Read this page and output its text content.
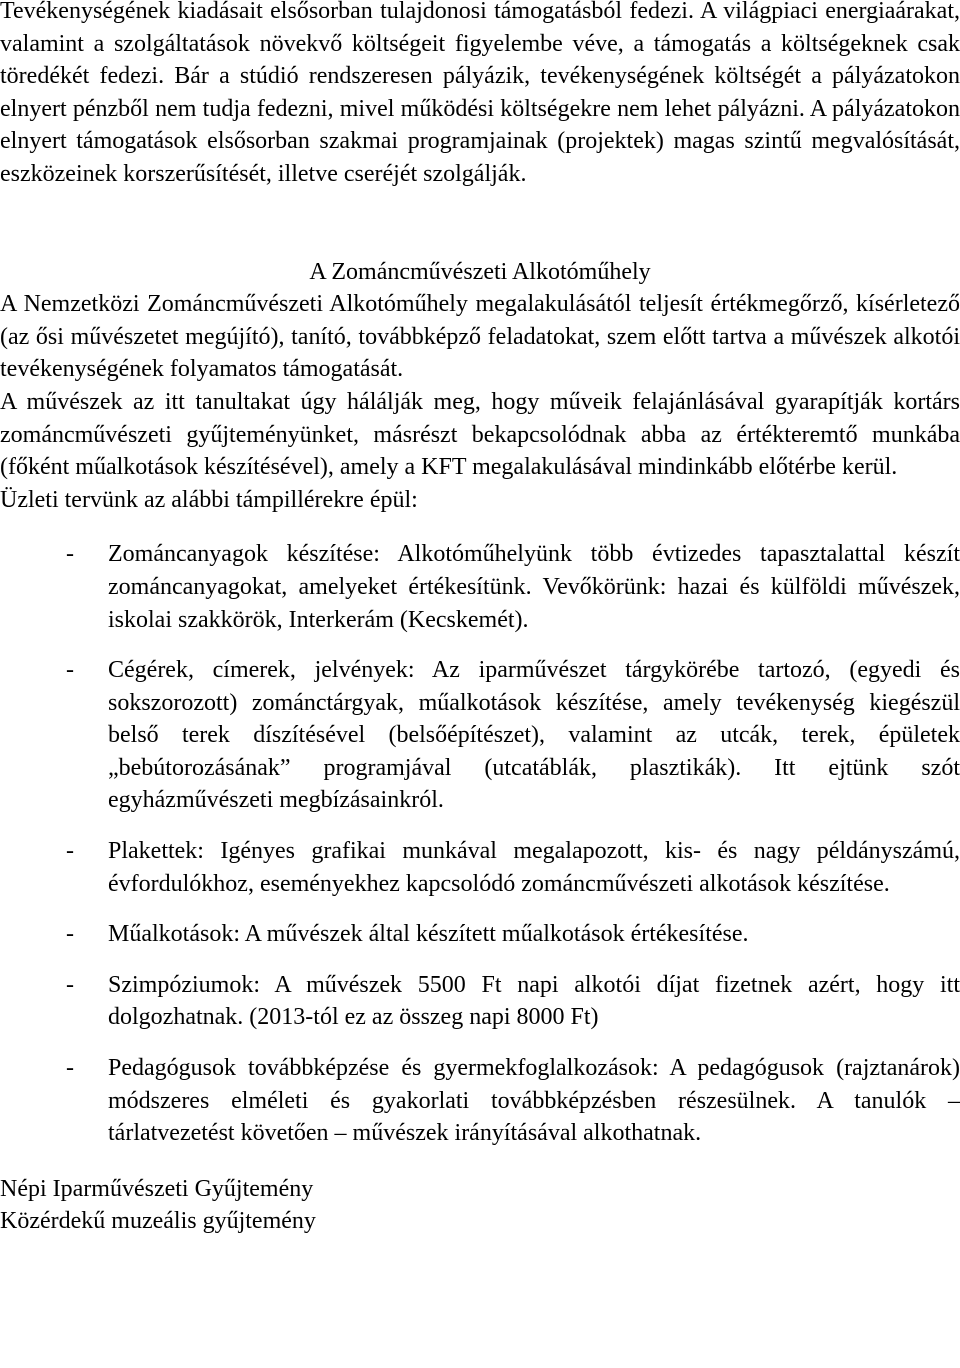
Tevékenységének kiadásait elsősorban tulajdonosi támogatásból fedezi. A világpiaci energiaárakat, valamint a szolgáltatások növekvő költségeit figyelembe véve, a támogatás a költségeknek csak töredékét fedezi. Bár a stúdió rendszeresen pályázik, tevékenységének költségét a pályázatokon elnyert pénzből nem tudja fedezni, mivel működési költségekre nem lehet pályázni. A pályázatokon elnyert támogatások elsősorban szakmai programjainak (projektek) magas szintű megvalósítását, eszközeinek korszerűsítését, illetve cseréjét szolgálják.

A Zománcművészeti Alkotóműhely

A Nemzetközi Zománcművészeti Alkotóműhely megalakulásától teljesít értékmegőrző, kísérletező (az ősi művészetet megújító), tanító, továbbképző feladatokat, szem előtt tartva a művészek alkotói tevékenységének folyamatos támogatását.

A művészek az itt tanultakat úgy hálálják meg, hogy műveik felajánlásával gyarapítják kortárs zománcművészeti gyűjteményünket, másrészt bekapcsolódnak abba az értékteremtő munkába (főként műalkotások készítésével), amely a KFT megalakulásával mindinkább előtérbe kerül.

Üzleti tervünk az alábbi támpillérekre épül:

- Zománcanyagok készítése: Alkotóműhelyünk több évtizedes tapasztalattal készít zománcanyagokat, amelyeket értékesítünk. Vevőkörünk: hazai és külföldi művészek, iskolai szakkörök, Interkerám (Kecskemét).
- Cégérek, címerek, jelvények: Az iparművészet tárgykörébe tartozó, (egyedi és sokszorozott) zománctárgyak, műalkotások készítése, amely tevékenység kiegészül belső terek díszítésével (belsőépítészet), valamint az utcák, terek, épületek „bebútorozásának” programjával (utcatáblák, plasztikák). Itt ejtünk szót egyházművészeti megbízásainkról.
- Plakettek: Igényes grafikai munkával megalapozott, kis- és nagy példányszámú, évfordulókhoz, eseményekhez kapcsolódó zománcművészeti alkotások készítése.
- Műalkotások: A művészek által készített műalkotások értékesítése.
- Szimpóziumok: A művészek 5500 Ft napi alkotói díjat fizetnek azért, hogy itt dolgozhatnak. (2013-tól ez az összeg napi 8000 Ft)
- Pedagógusok továbbképzése és gyermekfoglalkozások: A pedagógusok (rajztanárok) módszeres elméleti és gyakorlati továbbképzésben részesülnek. A tanulók – tárlatvezetést követően – művészek irányításával alkothatnak.

Népi Iparművészeti Gyűjtemény

Közérdekű muzeális gyűjtemény
